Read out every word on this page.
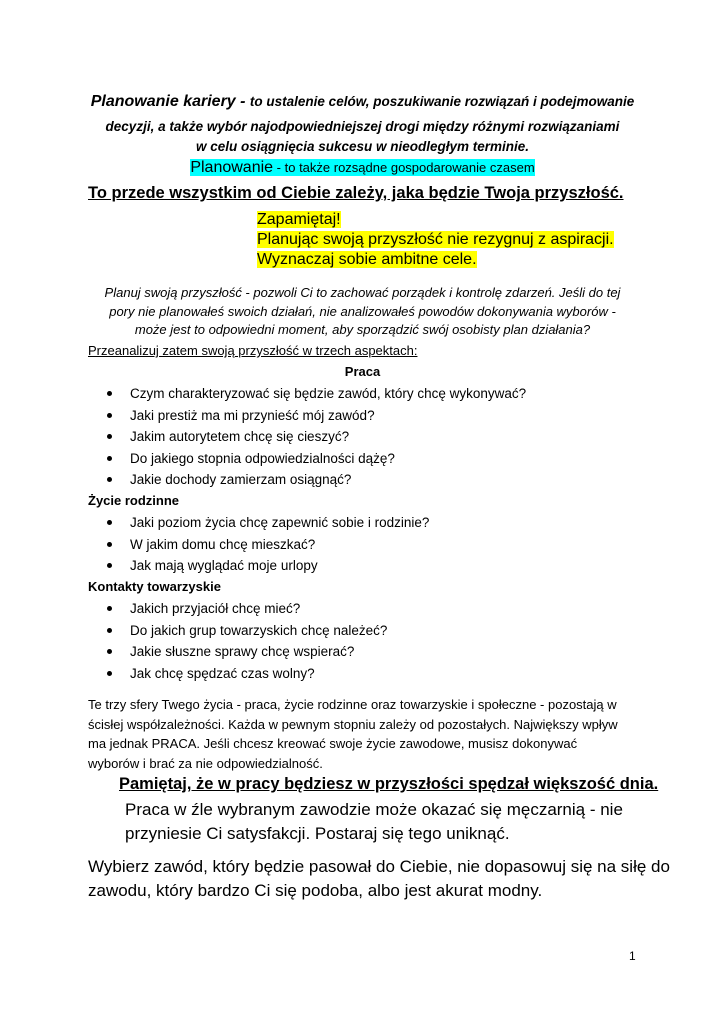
Planowanie kariery - to ustalenie celów, poszukiwanie rozwiązań i podejmowanie
decyzji, a także wybór najodpowiedniejszej drogi między różnymi rozwiązaniami
w celu osiągnięcia sukcesu w nieodległym terminie.
Planowanie - to także rozsądne gospodarowanie czasem
To przede wszystkim od Ciebie zależy, jaka będzie Twoja przyszłość.
Zapamiętaj!
Planując swoją przyszłość nie rezygnuj z aspiracji.
Wyznaczaj sobie ambitne cele.
Planuj swoją przyszłość - pozwoli Ci to zachować porządek i kontrolę zdarzeń. Jeśli do tej
pory nie planowałeś swoich działań, nie analizowałeś powodów dokonywania wyborów -
może jest to odpowiedni moment, aby sporządzić swój osobisty plan działania?
Przeanalizuj zatem swoją przyszłość w trzech aspektach:
Praca
Czym charakteryzować się będzie zawód, który chcę wykonywać?
Jaki prestiż ma mi przynieść mój zawód?
Jakim autorytetem chcę się cieszyć?
Do jakiego stopnia odpowiedzialności dążę?
Jakie dochody zamierzam osiągnąć?
Życie rodzinne
Jaki poziom życia chcę zapewnić sobie i rodzinie?
W jakim domu chcę mieszkać?
Jak mają wyglądać moje urlopy
Kontakty towarzyskie
Jakich przyjaciół chcę mieć?
Do jakich grup towarzyskich chcę należeć?
Jakie słuszne sprawy chcę wspierać?
Jak chcę spędzać czas wolny?
Te trzy sfery Twego życia - praca, życie rodzinne oraz towarzyskie i społeczne - pozostają w
ścisłej współzależności. Każda w pewnym stopniu zależy od pozostałych. Największy wpływ
ma jednak PRACA. Jeśli chcesz kreować swoje życie zawodowe, musisz dokonywać
wyborów i brać za nie odpowiedzialność.
Pamiętaj, że w pracy będziesz w przyszłości spędzał większość dnia.
Praca w źle wybranym zawodzie może okazać się męczarnią - nie
przyniesie Ci satysfakcji. Postaraj się tego uniknąć.
Wybierz zawód, który będzie pasował do Ciebie, nie dopasowuj się na siłę do
zawodu, który bardzo Ci się podoba, albo jest akurat modny.
1
